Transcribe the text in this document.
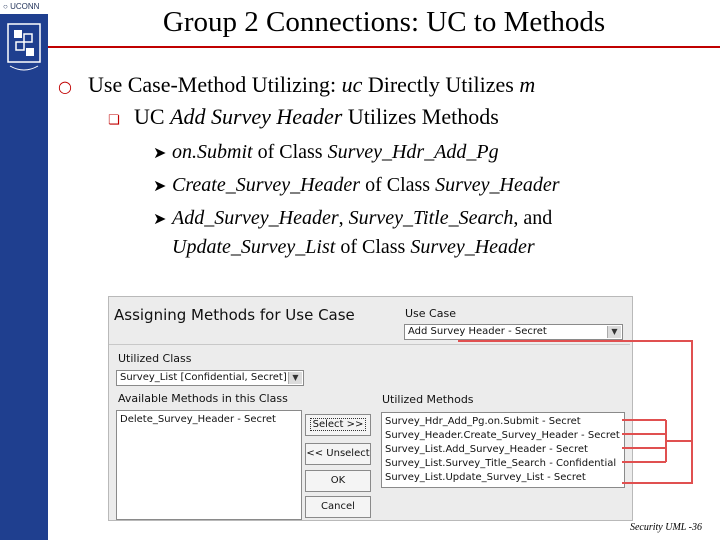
○ UCONN	Group 2 Connections: UC to Methods
○ Use Case-Method Utilizing: uc Directly Utilizes m
❏ UC Add Survey Header Utilizes Methods
➤ on.Submit of Class Survey_Hdr_Add_Pg
➤ Create_Survey_Header of Class Survey_Header
➤ Add_Survey_Header, Survey_Title_Search, and
Update_Survey_List of Class Survey_Header
Assigning Methods for Use Case	Use Case
Add Survey Header - Secret	▼
Utilized Class
Survey_List [Confidential, Secret] ▼
Available Methods in this Class	Utilized Methods
Delete_Survey_Header - Secret	Select >>
<< Unselect
OK
Cancel
Survey_Hdr_Add_Pg.on.Submit - Secret
Survey_Header.Create_Survey_Header - Secret
Survey_List.Add_Survey_Header - Secret
Survey_List.Survey_Title_Search - Confidential
Survey_List.Update_Survey_List - Secret
Security UML -36
